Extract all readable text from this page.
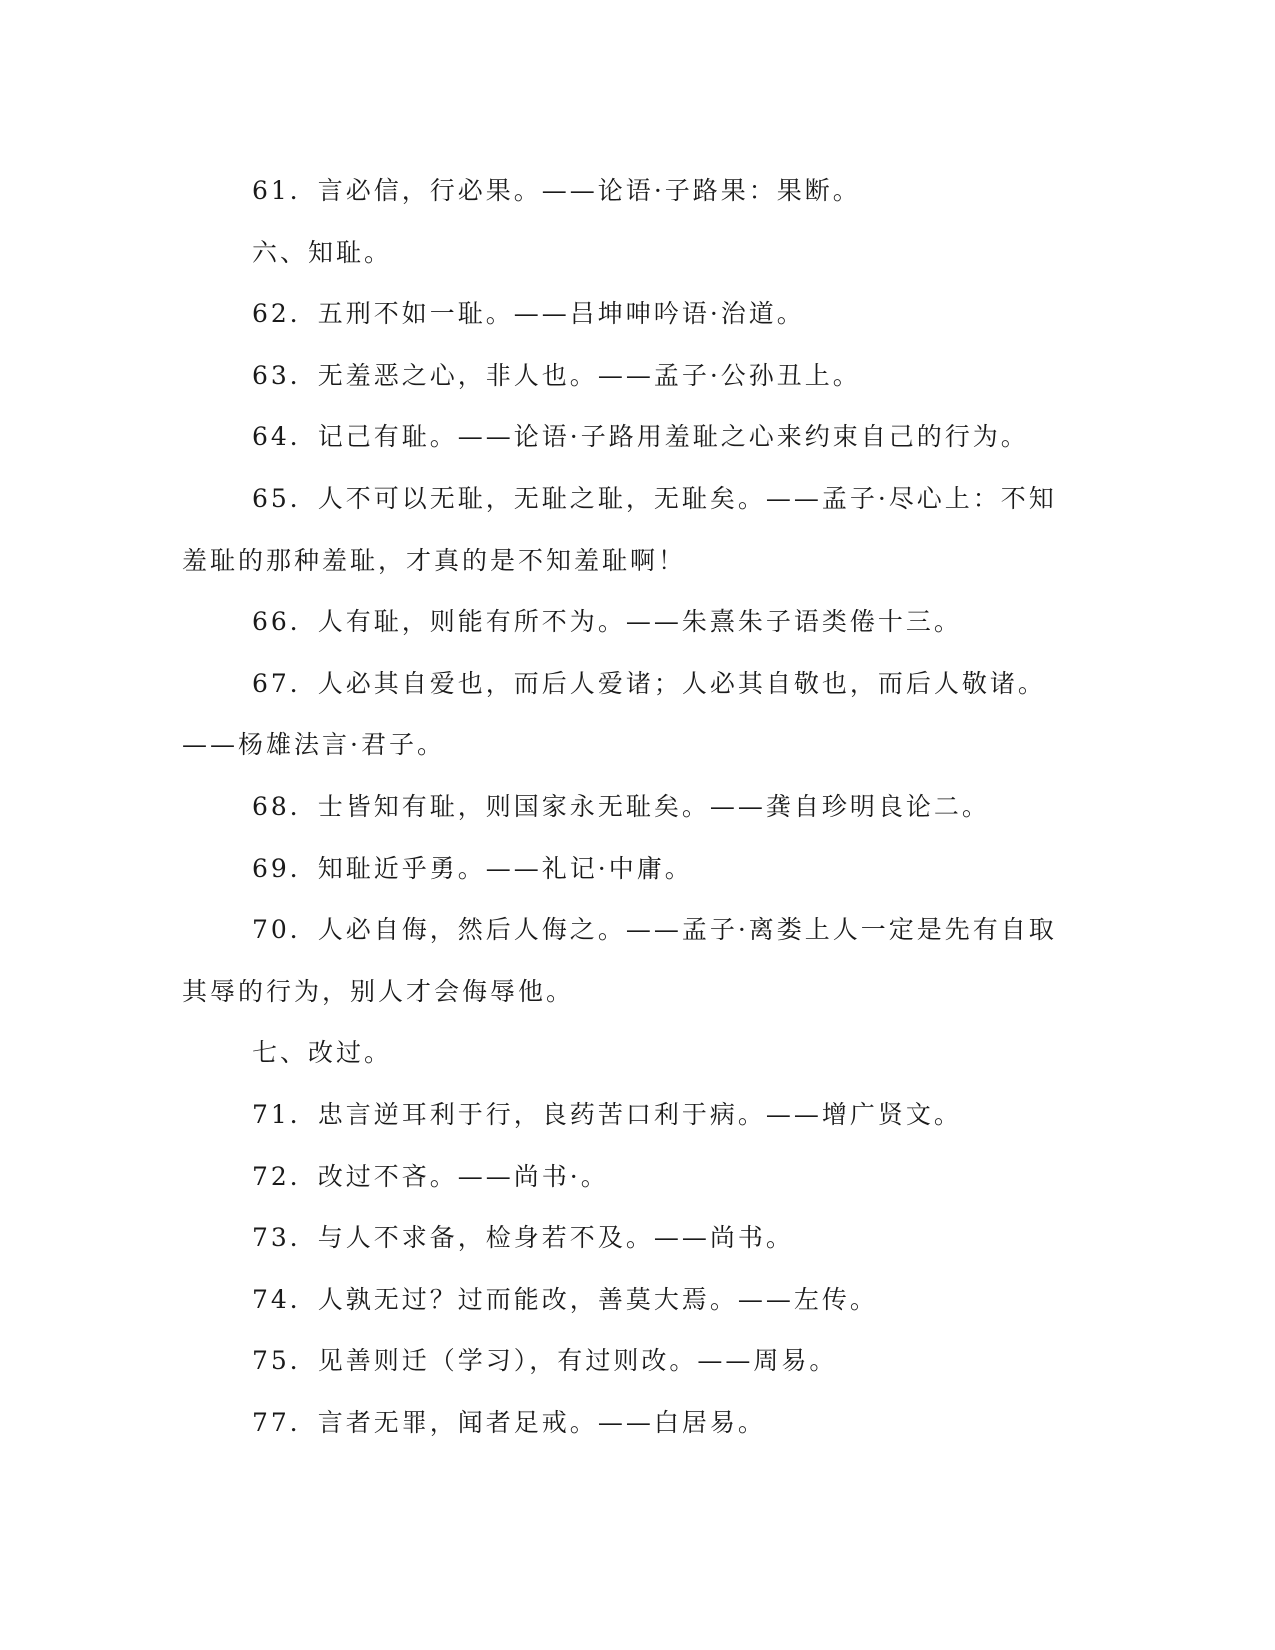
61．言必信，行必果。——论语·子路果：果断。

六、知耻。

62．五刑不如一耻。——吕坤呻吟语·治道。

63．无羞恶之心，非人也。——孟子·公孙丑上。

64．记己有耻。——论语·子路用羞耻之心来约束自己的行为。

65．人不可以无耻，无耻之耻，无耻矣。——孟子·尽心上：不知羞耻的那种羞耻，才真的是不知羞耻啊！

66．人有耻，则能有所不为。——朱熹朱子语类倦十三。

67．人必其自爱也，而后人爱诸；人必其自敬也，而后人敬诸。——杨雄法言·君子。

68．士皆知有耻，则国家永无耻矣。——龚自珍明良论二。

69．知耻近乎勇。——礼记·中庸。

70．人必自侮，然后人侮之。——孟子·离娄上人一定是先有自取其辱的行为，别人才会侮辱他。

七、改过。

71．忠言逆耳利于行，良药苦口利于病。——增广贤文。

72．改过不吝。——尚书·。

73．与人不求备，检身若不及。——尚书。

74．人孰无过？过而能改，善莫大焉。——左传。

75．见善则迁（学习），有过则改。——周易。

77．言者无罪，闻者足戒。——白居易。
